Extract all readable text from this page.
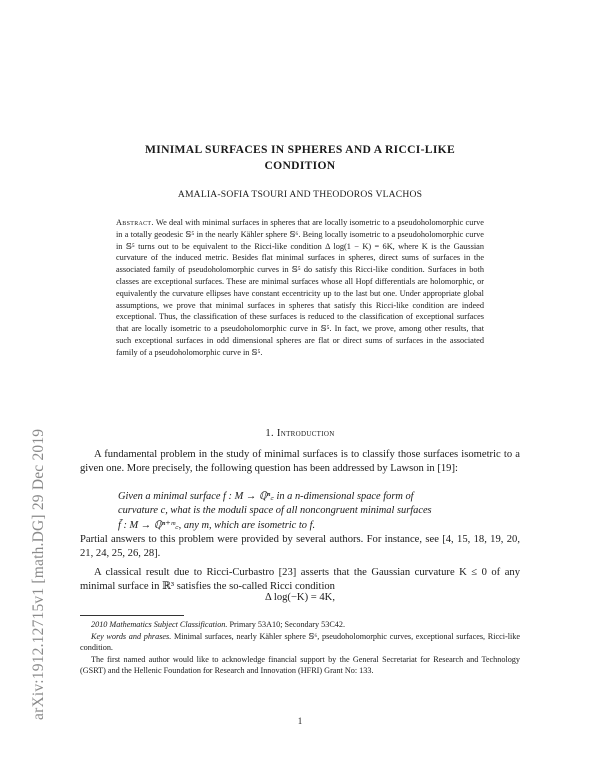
arXiv:1912.12715v1 [math.DG] 29 Dec 2019
MINIMAL SURFACES IN SPHERES AND A RICCI-LIKE
CONDITION
AMALIA-SOFIA TSOURI AND THEODOROS VLACHOS
Abstract. We deal with minimal surfaces in spheres that are locally isometric to a pseudoholomorphic curve in a totally geodesic 𝕊⁵ in the nearly Kähler sphere 𝕊⁶. Being locally isometric to a pseudoholomorphic curve in 𝕊⁵ turns out to be equivalent to the Ricci-like condition Δ log(1 − K) = 6K, where K is the Gaussian curvature of the induced metric. Besides flat minimal surfaces in spheres, direct sums of surfaces in the associated family of pseudoholomorphic curves in 𝕊⁵ do satisfy this Ricci-like condition. Surfaces in both classes are exceptional surfaces. These are minimal surfaces whose all Hopf differentials are holomorphic, or equivalently the curvature ellipses have constant eccentricity up to the last but one. Under appropriate global assumptions, we prove that minimal surfaces in spheres that satisfy this Ricci-like condition are indeed exceptional. Thus, the classification of these surfaces is reduced to the classification of exceptional surfaces that are locally isometric to a pseudoholomorphic curve in 𝕊⁵. In fact, we prove, among other results, that such exceptional surfaces in odd dimensional spheres are flat or direct sums of surfaces in the associated family of a pseudoholomorphic curve in 𝕊⁵.
1. Introduction

A fundamental problem in the study of minimal surfaces is to classify those surfaces isometric to a given one. More precisely, the following question has been addressed by Lawson in [19]:

Given a minimal surface f : M → ℚⁿ꜀ in a n-dimensional space form of
curvature c, what is the moduli space of all noncongruent minimal surfaces
f̃ : M → ℚⁿ⁺ᵐ꜀, any m, which are isometric to f.

Partial answers to this problem were provided by several authors. For instance, see [4, 15, 18, 19, 20, 21, 24, 25, 26, 28].

A classical result due to Ricci-Curbastro [23] asserts that the Gaussian curvature K ≤ 0 of any minimal surface in ℝ³ satisfies the so-called Ricci condition

Δ log(−K) = 4K,

2010 Mathematics Subject Classification. Primary 53A10; Secondary 53C42.

Key words and phrases. Minimal surfaces, nearly Kähler sphere 𝕊⁶, pseudoholomorphic curves, exceptional surfaces, Ricci-like condition.

The first named author would like to acknowledge financial support by the General Secretariat for Research and Technology (GSRT) and the Hellenic Foundation for Research and Innovation (HFRI) Grant No: 133.

1
